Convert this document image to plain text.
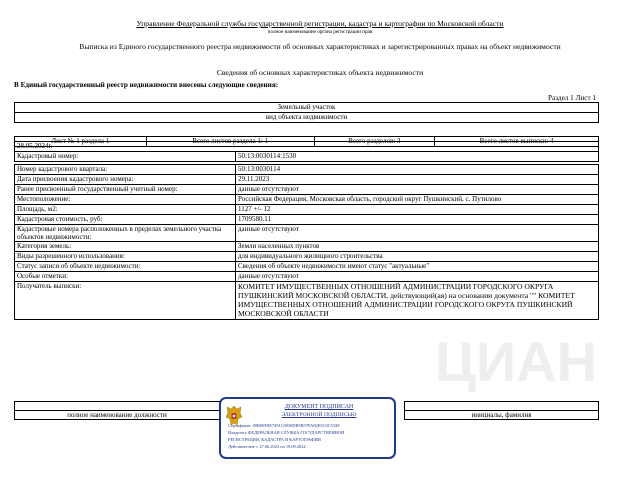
Управление Федеральной службы государственной регистрации, кадастра и картографии по Московской области
полное наименование органа регистрации прав
Выписка из Единого государственного реестра недвижимости об основных характеристиках и зарегистрированных правах на объект недвижимости
Сведения об основных характеристиках объекта недвижимости
В Единый государственный реестр недвижимости внесены следующие сведения:
Раздел 1 Лист 1
Земельный участок
вид объекта недвижимости

Лист № 1 раздела 1	Всего листов раздела 1: 1	Всего разделов: 3	Всего листов выписки: 4
28.05.2024г.
Кадастровый номер:	50:13:0030114:1530
Номер кадастрового квартала:	50:13:0030114
Дата присвоения кадастрового номера:	29.11.2023
Ранее присвоенный государственный учетный номер:	данные отсутствуют
Местоположение:	Российская Федерация, Московская область, городской округ Пушкинский, с. Путилово
Площадь, м2:	1127 +/- 12
Кадастровая стоимость, руб:	1709580.11
Кадастровые номера расположенных в пределах земельного участка объектов недвижимости:	данные отсутствуют
Категория земель:	Земли населенных пунктов
Виды разрешенного использования:	для индивидуального жилищного строительства
Статус записи об объекте недвижимости:	Сведения об объекте недвижимости имеют статус "актуальные"
Особые отметки:	данные отсутствуют
Получатель выписки:	КОМИТЕТ ИМУЩЕСТВЕННЫХ ОТНОШЕНИЙ АДМИНИСТРАЦИИ ГОРОДСКОГО ОКРУГА ПУШКИНСКИЙ МОСКОВСКОЙ ОБЛАСТИ, действующий(ая) на основании документа "" КОМИТЕТ ИМУЩЕСТВЕННЫХ ОТНОШЕНИЙ АДМИНИСТРАЦИИ ГОРОДСКОГО ОКРУГА ПУШКИНСКИЙ МОСКОВСКОЙ ОБЛАСТИ
ЦИАН

полное наименование должности		инициалы, фамилия
ДОКУМЕНТ ПОДПИСАН
ЭЛЕКТРОННОЙ ПОДПИСЬЮ
Сертификат: 00B00E9E7491C0938DB5B37FA82E5C0C5338
Владелец: ФЕДЕРАЛЬНАЯ СЛУЖБА ГОСУДАРСТВЕННОЙ
РЕГИСТРАЦИИ, КАДАСТРА И КАРТОГРАФИИ
Действителен: с 27.06.2023 по 19.09.2024
